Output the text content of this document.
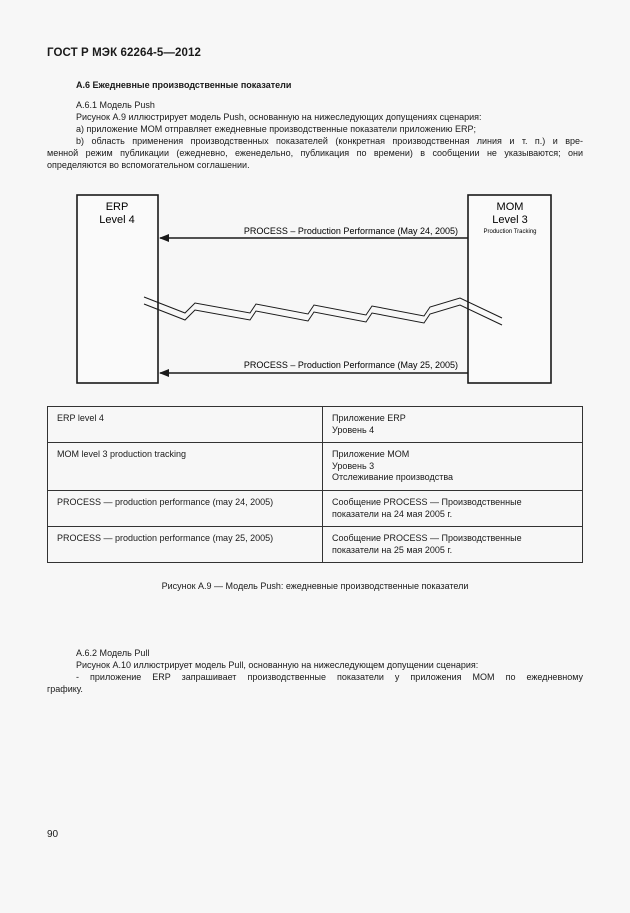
ГОСТ Р МЭК 62264-5—2012
A.6 Ежедневные производственные показатели
A.6.1 Модель Push
Рисунок A.9 иллюстрирует модель Push, основанную на нижеследующих допущениях сценария:
a) приложение MOM отправляет ежедневные производственные показатели приложению ERP;
b) область применения производственных показателей (конкретная производственная линия и т. п.) и вре-
менной режим публикации (ежедневно, еженедельно, публикация по времени) в сообщении не указываются; они
определяются во вспомогательном соглашении.
ERP
Level 4
MOM
Level 3
Production Tracking
PROCESS – Production Performance (May 24, 2005)
PROCESS – Production Performance (May 25, 2005)
ERP level 4	Приложение ERP
Уровень 4

MOM level 3 production tracking	Приложение MOM
Уровень 3
Отслеживание производства

PROCESS — production performance (may 24, 2005)	Сообщение PROCESS — Производственные
показатели на 24 мая 2005 г.

PROCESS — production performance (may 25, 2005)	Сообщение PROCESS — Производственные
показатели на 25 мая 2005 г.
Рисунок A.9 — Модель Push: ежедневные производственные показатели
A.6.2 Модель Pull
Рисунок A.10 иллюстрирует модель Pull, основанную на нижеследующем допущении сценария:
- приложение ERP запрашивает производственные показатели у приложения MOM по ежедневному
графику.
90
